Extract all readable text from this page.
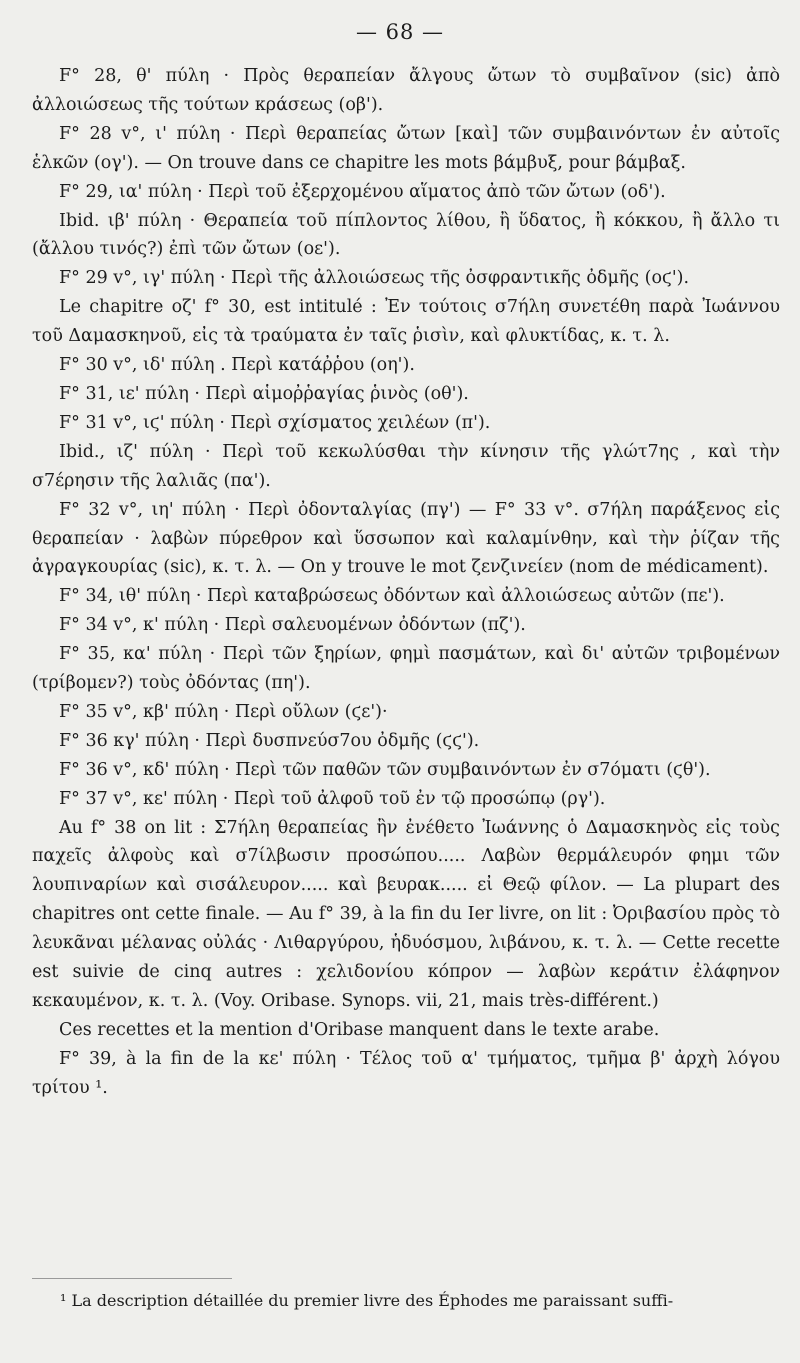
— 68 —

F° 28, θ' πύλη · Πρὸς θεραπείαν ἄλγους ὤτων τὸ συμβαῖνον (sic) ἀπὸ ἀλλοιώσεως τῆς τούτων κράσεως (οβ').

F° 28 v°, ι' πύλη · Περὶ θεραπείας ὤτων [καὶ] τῶν συμβαινόντων ἐν αὐτοῖς ἑλκῶν (ογ'). — On trouve dans ce chapitre les mots βάμβυξ, pour βάμβαξ.

F° 29, ια' πύλη · Περὶ τοῦ ἐξερχομένου αἵματος ἀπὸ τῶν ὤτων (οδ').

Ibid. ιβ' πύλη · Θεραπεία τοῦ πίπλοντος λίθου, ἢ ὕδατος, ἢ κόκκου, ἢ ἄλλο τι (ἄλλου τινός?) ἐπὶ τῶν ὤτων (οε').

F° 29 v°, ιγ' πύλη · Περὶ τῆς ἀλλοιώσεως τῆς ὀσφραντικῆς ὀδμῆς (οϛ').

Le chapitre οζ' f° 30, est intitulé : Ἐν τούτοις σ7ήλη συνετέθη παρὰ Ἰωάννου τοῦ Δαμασκηνοῦ, εἰς τὰ τραύματα ἐν ταῖς ῥισὶν, καὶ φλυκτίδας, κ. τ. λ.

F° 30 v°, ιδ' πύλη . Περὶ κατάῤῥου (οη').

F° 31, ιε' πύλη · Περὶ αἱμοῤῥαγίας ῥινὸς (οθ').

F° 31 v°, ιϛ' πύλη · Περὶ σχίσματος χειλέων (π').

Ibid., ιζ' πύλη · Περὶ τοῦ κεκωλύσθαι τὴν κίνησιν τῆς γλώτ7ης , καὶ τὴν σ7έρησιν τῆς λαλιᾶς (πα').

F° 32 v°, ιη' πύλη · Περὶ ὀδονταλγίας (πγ') — F° 33 v°. σ7ήλη παράξενος εἰς θεραπείαν · λαβὼν πύρεθρον καὶ ὕσσωπον καὶ καλαμίνθην, καὶ τὴν ῥίζαν τῆς ἀγραγκουρίας (sic), κ. τ. λ. — On y trouve le mot ζενζινείεν (nom de médicament).

F° 34, ιθ' πύλη · Περὶ καταβρώσεως ὀδόντων καὶ ἀλλοιώσεως αὐτῶν (πε').

F° 34 v°, κ' πύλη · Περὶ σαλευομένων ὀδόντων (πζ').

F° 35, κα' πύλη · Περὶ τῶν ξηρίων, φημὶ πασμάτων, καὶ δι' αὐτῶν τριβομένων (τρίβομεν?) τοὺς ὀδόντας (πη').

F° 35 v°, κβ' πύλη · Περὶ οὔλων (ϛε')·

F° 36 κγ' πύλη · Περὶ δυσπνεύσ7ου ὀδμῆς (ϛϛ').

F° 36 v°, κδ' πύλη · Περὶ τῶν παθῶν τῶν συμβαινόντων ἐν σ7όματι (ϛθ').

F° 37 v°, κε' πύλη · Περὶ τοῦ ἀλφοῦ τοῦ ἐν τῷ προσώπῳ (ργ').

Au f° 38 on lit : Σ7ήλη θεραπείας ἣν ἐνέθετο Ἰωάννης ὁ Δαμασκηνὸς εἰς τοὺς παχεῖς ἀλφοὺς καὶ σ7ίλβωσιν προσώπου..... Λαβὼν θερμάλευρόν φημι τῶν λουπιναρίων καὶ σισάλευρον..... καὶ βευρακ..... εἰ Θεῷ φίλον. — La plupart des chapitres ont cette finale. — Au f° 39, à la fin du Ier livre, on lit : Ὀριβασίου πρὸς τὸ λευκᾶναι μέλανας οὐλάς · Λιθαργύρου, ἡδυόσμου, λιβάνου, κ. τ. λ. — Cette recette est suivie de cinq autres : χελιδονίου κόπρον — λαβὼν κεράτιν ἐλάφηνον κεκαυμένον, κ. τ. λ. (Voy. Oribase. Synops. vii, 21, mais très-différent.)

Ces recettes et la mention d'Oribase manquent dans le texte arabe.

F° 39, à la fin de la κε' πύλη · Τέλος τοῦ α' τμήματος, τμῆμα β' ἀρχὴ λόγου τρίτου ¹.

¹ La description détaillée du premier livre des Éphodes me paraissant suffi-
